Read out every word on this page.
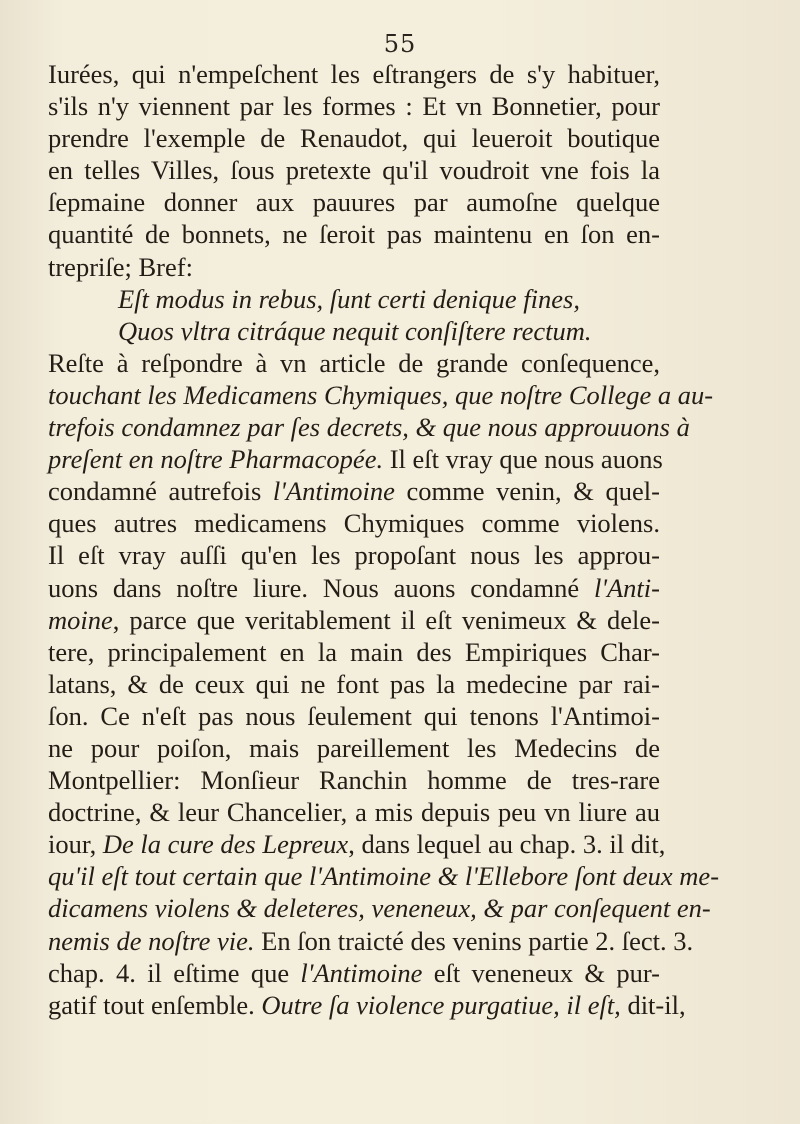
55
Iurées, qui n'empeſchent les eſtrangers de s'y habituer,
s'ils n'y viennent par les formes : Et vn Bonnetier, pour
prendre l'exemple de Renaudot, qui leueroit boutique
en telles Villes, ſous pretexte qu'il voudroit vne fois la
ſepmaine donner aux pauures par aumoſne quelque
quantité de bonnets, ne ſeroit pas maintenu en ſon en-
trepriſe; Bref:
Eſt modus in rebus, ſunt certi denique fines,
Quos vltra citráque nequit conſiſtere rectum.
Reſte à reſpondre à vn article de grande conſequence,
touchant les Medicamens Chymiques, que noſtre College a au-
trefois condamnez par ſes decrets, & que nous approuuons à
preſent en noſtre Pharmacopée. Il eſt vray que nous auons
condamné autrefois l'Antimoine comme venin, & quel-
ques autres medicamens Chymiques comme violens.
Il eſt vray auſſi qu'en les propoſant nous les approu-
uons dans noſtre liure. Nous auons condamné l'Anti-
moine, parce que veritablement il eſt venimeux & dele-
tere, principalement en la main des Empiriques Char-
latans, & de ceux qui ne font pas la medecine par rai-
ſon. Ce n'eſt pas nous ſeulement qui tenons l'Antimoi-
ne pour poiſon, mais pareillement les Medecins de
Montpellier: Monſieur Ranchin homme de tres-rare
doctrine, & leur Chancelier, a mis depuis peu vn liure au
iour, De la cure des Lepreux, dans lequel au chap. 3. il dit,
qu'il eſt tout certain que l'Antimoine & l'Ellebore ſont deux me-
dicamens violens & deleteres, veneneux, & par conſequent en-
nemis de noſtre vie. En ſon traicté des venins partie 2. ſect. 3.
chap. 4. il eſtime que l'Antimoine eſt veneneux & pur-
gatif tout enſemble. Outre ſa violence purgatiue, il eſt, dit-il,
